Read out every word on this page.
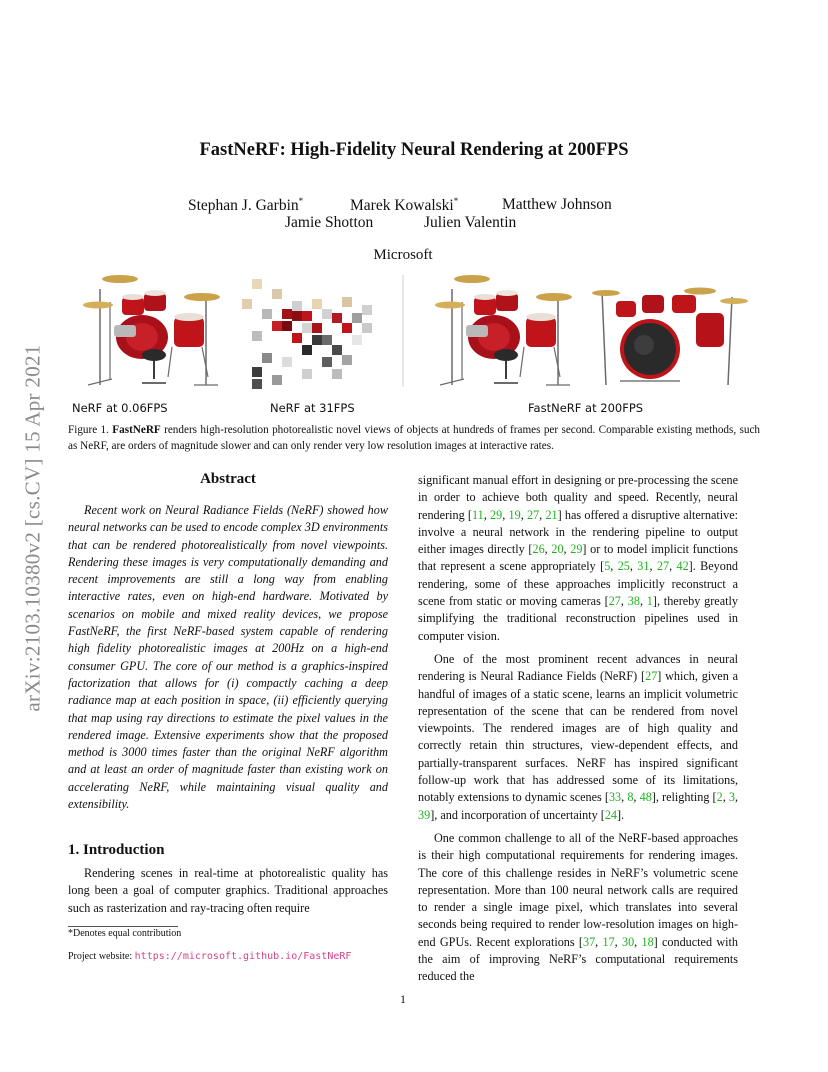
arXiv:2103.10380v2 [cs.CV] 15 Apr 2021
FastNeRF: High-Fidelity Neural Rendering at 200FPS
Stephan J. Garbin*	Marek Kowalski*	Matthew Johnson
Jamie Shotton	Julien Valentin
Microsoft
NeRF at 0.06FPS	NeRF at 31FPS	FastNeRF at 200FPS
Figure 1. FastNeRF renders high-resolution photorealistic novel views of objects at hundreds of frames per second. Comparable existing methods, such as NeRF, are orders of magnitude slower and can only render very low resolution images at interactive rates.
Abstract
Recent work on Neural Radiance Fields (NeRF) showed how neural networks can be used to encode complex 3D environments that can be rendered photorealistically from novel viewpoints. Rendering these images is very computationally demanding and recent improvements are still a long way from enabling interactive rates, even on high-end hardware. Motivated by scenarios on mobile and mixed reality devices, we propose FastNeRF, the first NeRF-based system capable of rendering high fidelity photorealistic images at 200Hz on a high-end consumer GPU. The core of our method is a graphics-inspired factorization that allows for (i) compactly caching a deep radiance map at each position in space, (ii) efficiently querying that map using ray directions to estimate the pixel values in the rendered image. Extensive experiments show that the proposed method is 3000 times faster than the original NeRF algorithm and at least an order of magnitude faster than existing work on accelerating NeRF, while maintaining visual quality and extensibility.
1. Introduction
Rendering scenes in real-time at photorealistic quality has long been a goal of computer graphics. Traditional approaches such as rasterization and ray-tracing often require
*Denotes equal contribution
Project website: https://microsoft.github.io/FastNeRF

significant manual effort in designing or pre-processing the scene in order to achieve both quality and speed. Recently, neural rendering [11, 29, 19, 27, 21] has offered a disruptive alternative: involve a neural network in the rendering pipeline to output either images directly [26, 20, 29] or to model implicit functions that represent a scene appropriately [5, 25, 31, 27, 42]. Beyond rendering, some of these approaches implicitly reconstruct a scene from static or moving cameras [27, 38, 1], thereby greatly simplifying the traditional reconstruction pipelines used in computer vision.

One of the most prominent recent advances in neural rendering is Neural Radiance Fields (NeRF) [27] which, given a handful of images of a static scene, learns an implicit volumetric representation of the scene that can be rendered from novel viewpoints. The rendered images are of high quality and correctly retain thin structures, view-dependent effects, and partially-transparent surfaces. NeRF has inspired significant follow-up work that has addressed some of its limitations, notably extensions to dynamic scenes [33, 8, 48], relighting [2, 3, 39], and incorporation of uncertainty [24].

One common challenge to all of the NeRF-based approaches is their high computational requirements for rendering images. The core of this challenge resides in NeRF’s volumetric scene representation. More than 100 neural network calls are required to render a single image pixel, which translates into several seconds being required to render low-resolution images on high-end GPUs. Recent explorations [37, 17, 30, 18] conducted with the aim of improving NeRF’s computational requirements reduced the

1
